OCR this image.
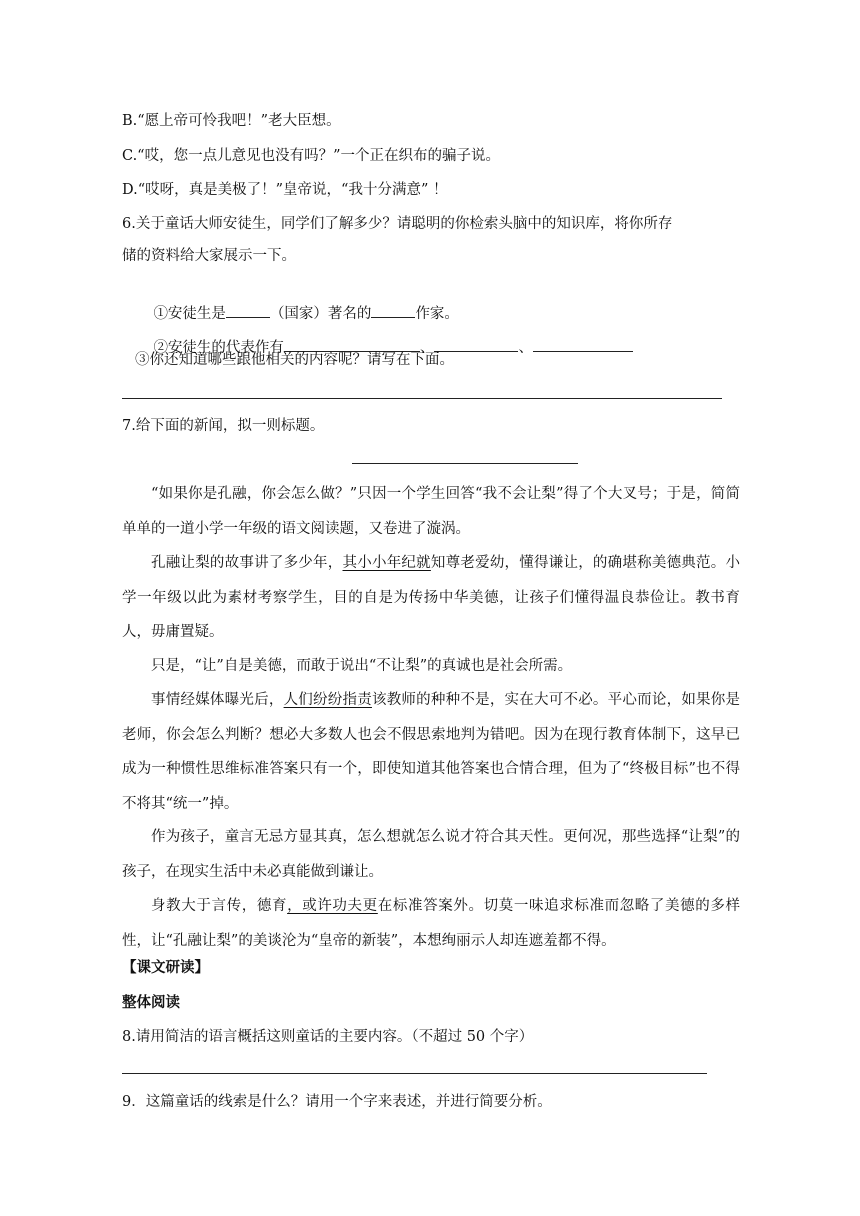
B.“愿上帝可怜我吧！”老大臣想。
C.“哎，您一点儿意见也没有吗？”一个正在织布的骗子说。
D.“哎呀，真是美极了！”皇帝说，“我十分满意” ！
6.关于童话大师安徒生，同学们了解多少？请聪明的你检索头脑中的知识库，将你所存
储的资料给大家展示一下。

①安徒生是	（国家）著名的	作家。

②安徒生的代表作有	、	、

③你还知道哪些跟他相关的内容呢？请写在下面。
7.给下面的新闻，拟一则标题。
“如果你是孔融，你会怎么做？”只因一个学生回答“我不会让梨”得了个大叉号；于是，简简单单的一道小学一年级的语文阅读题，又卷进了漩涡。
孔融让梨的故事讲了多少年，其小小年纪就知尊老爱幼，懂得谦让，的确堪称美德典范。小学一年级以此为素材考察学生，目的自是为传扬中华美德，让孩子们懂得温良恭俭让。教书育人，毋庸置疑。
只是，“让”自是美德，而敢于说出“不让梨”的真诚也是社会所需。
事情经媒体曝光后，人们纷纷指责该教师的种种不是，实在大可不必。平心而论，如果你是老师，你会怎么判断？想必大多数人也会不假思索地判为错吧。因为在现行教育体制下，这早已成为一种惯性思维标准答案只有一个，即使知道其他答案也合情合理，但为了“终极目标”也不得不将其“统一”掉。
作为孩子，童言无忌方显其真，怎么想就怎么说才符合其天性。更何况，那些选择“让梨”的孩子，在现实生活中未必真能做到谦让。
身教大于言传，德育，或许功夫更在标准答案外。切莫一味追求标准而忽略了美德的多样性，让“孔融让梨”的美谈沦为“皇帝的新装”，本想绚丽示人却连遮羞都不得。
【课文研读】
整体阅读
8.请用简洁的语言概括这则童话的主要内容。（不超过 50 个字）
9．这篇童话的线索是什么？请用一个字来表述，并进行简要分析。
